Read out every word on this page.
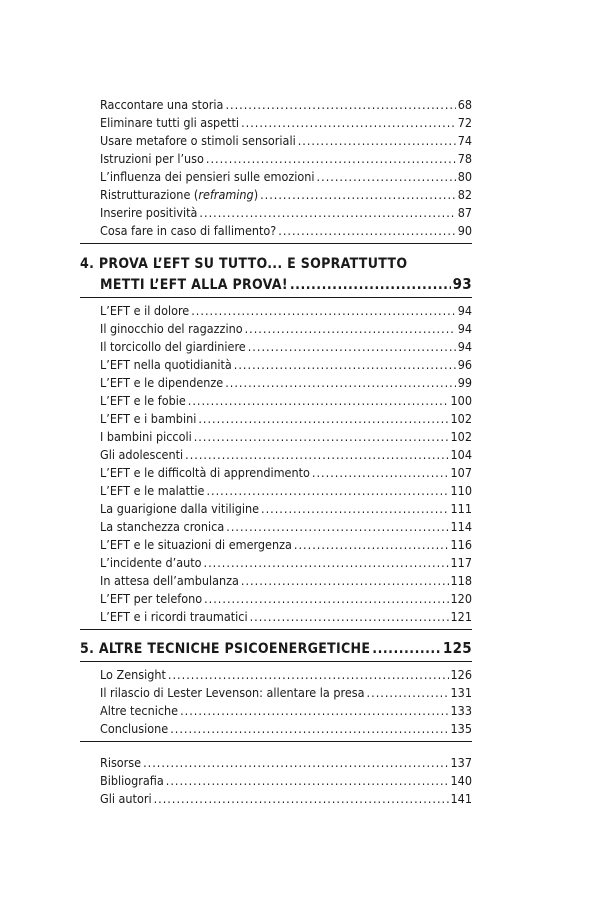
Raccontare una storia .....	68
Eliminare tutti gli aspetti .....	72
Usare metafore o stimoli sensoriali .....	74
Istruzioni per l’uso .....	78
L’influenza dei pensieri sulle emozioni .....	80
Ristrutturazione (reframing) .....	82
Inserire positività .....	87
Cosa fare in caso di fallimento? .....	90
4. PROVA L’EFT SU TUTTO... E SOPRATTUTTO
METTI L’EFT ALLA PROVA! .....	93
L’EFT e il dolore .....	94
Il ginocchio del ragazzino .....	94
Il torcicollo del giardiniere .....	94
L’EFT nella quotidianità .....	96
L’EFT e le dipendenze .....	99
L’EFT e le fobie .....	100
L’EFT e i bambini .....	102
I bambini piccoli .....	102
Gli adolescenti .....	104
L’EFT e le difficoltà di apprendimento .....	107
L’EFT e le malattie .....	110
La guarigione dalla vitiligine .....	111
La stanchezza cronica .....	114
L’EFT e le situazioni di emergenza .....	116
L’incidente d’auto .....	117
In attesa dell’ambulanza .....	118
L’EFT per telefono .....	120
L’EFT e i ricordi traumatici .....	121
5. ALTRE TECNICHE PSICOENERGETICHE .....	125
Lo Zensight .....	126
Il rilascio di Lester Levenson: allentare la presa .....	131
Altre tecniche .....	133
Conclusione .....	135
Risorse .....	137
Bibliografia .....	140
Gli autori .....	141
